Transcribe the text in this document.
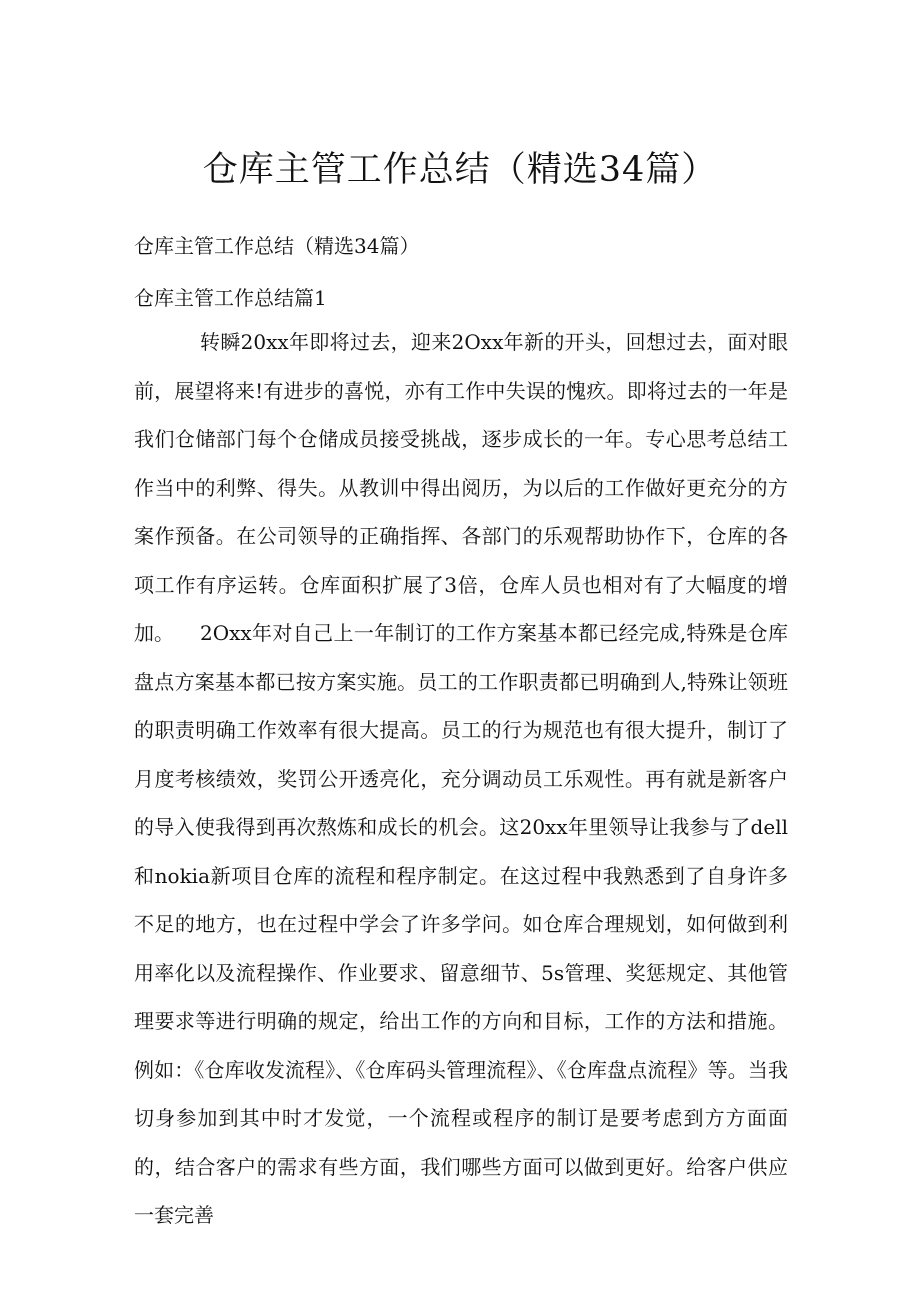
仓库主管工作总结（精选34篇）

仓库主管工作总结（精选34篇）

仓库主管工作总结篇1

转瞬20xx年即将过去，迎来2Oxx年新的开头，回想过去，面对眼前，展望将来!有进步的喜悦，亦有工作中失误的愧疚。即将过去的一年是我们仓储部门每个仓储成员接受挑战，逐步成长的一年。专心思考总结工作当中的利弊、得失。从教训中得出阅历，为以后的工作做好更充分的方案作预备。在公司领导的正确指挥、各部门的乐观帮助协作下，仓库的各项工作有序运转。仓库面积扩展了3倍，仓库人员也相对有了大幅度的增加。	2Oxx年对自己上一年制订的工作方案基本都已经完成,特殊是仓库盘点方案基本都已按方案实施。员工的工作职责都已明确到人,特殊让领班的职责明确工作效率有很大提高。员工的行为规范也有很大提升，制订了月度考核绩效，奖罚公开透亮化，充分调动员工乐观性。再有就是新客户的导入使我得到再次熬炼和成长的机会。这20xx年里领导让我参与了dell和nokia新项目仓库的流程和程序制定。在这过程中我熟悉到了自身许多不足的地方，也在过程中学会了许多学问。如仓库合理规划，如何做到利用率化以及流程操作、作业要求、留意细节、5s管理、奖惩规定、其他管理要求等进行明确的规定，给出工作的方向和目标，工作的方法和措施。例如：《仓库收发流程》、《仓库码头管理流程》、《仓库盘点流程》等。当我切身参加到其中时才发觉，一个流程或程序的制订是要考虑到方方面面的，结合客户的需求有些方面，我们哪些方面可以做到更好。给客户供应一套完善
